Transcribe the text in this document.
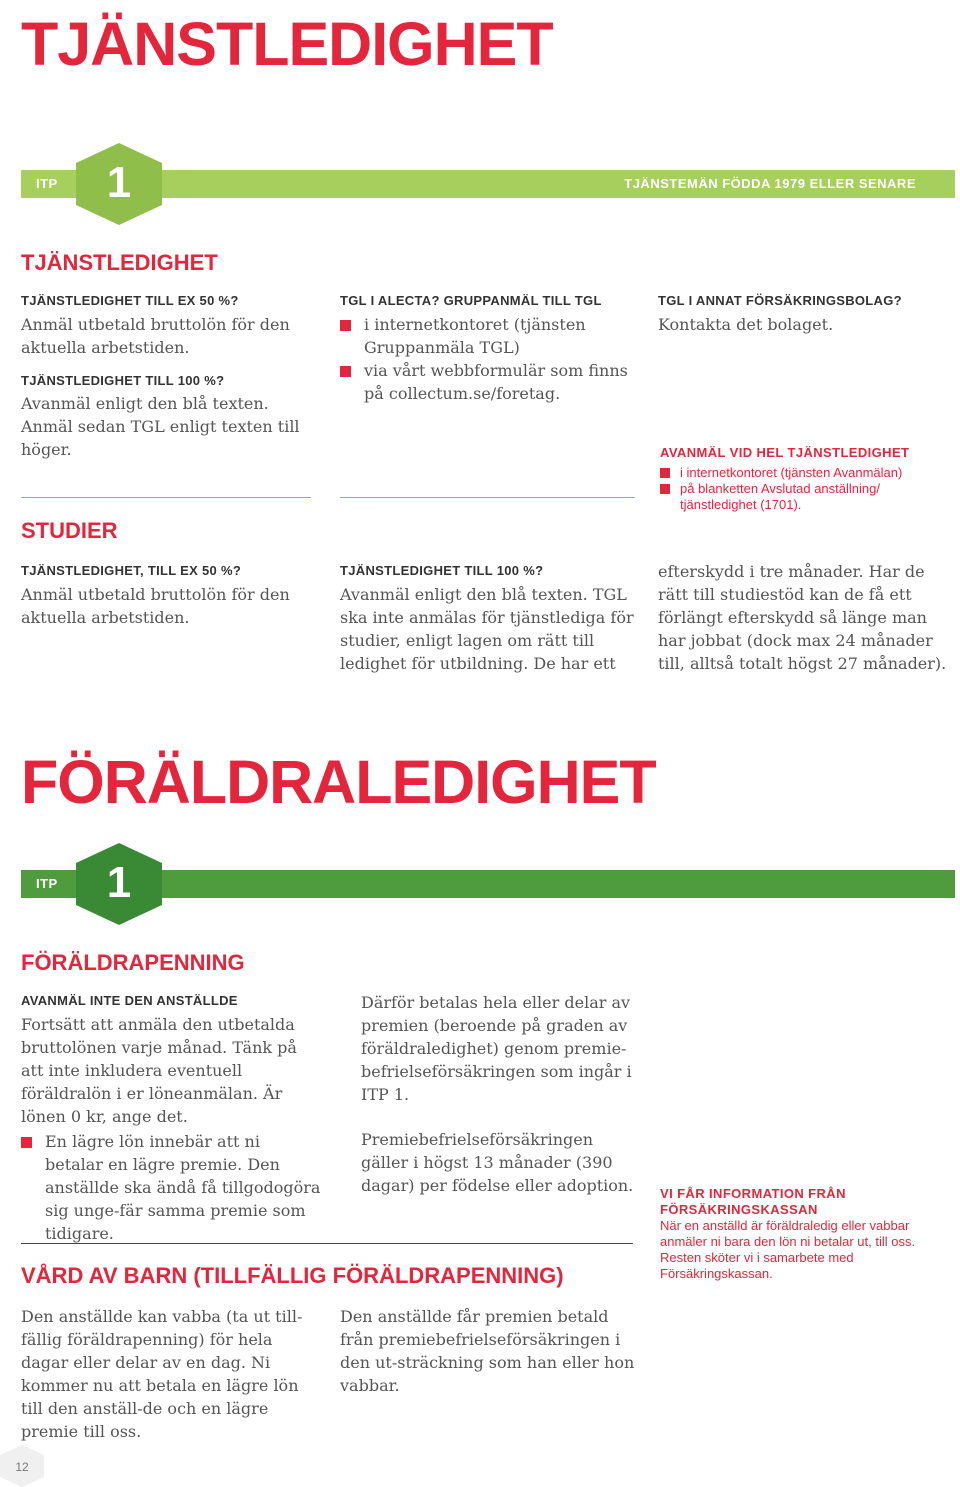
TJÄNSTLEDIGHET
ITP	TJÄNSTEMÄN FÖDDA 1979 ELLER SENARE
1
TJÄNSTLEDIGHET

TJÄNSTLEDIGHET TILL EX 50 %?

Anmäl utbetald bruttolön för den aktuella arbetstiden.

TJÄNSTLEDIGHET TILL 100 %?

Avanmäl enligt den blå texten. Anmäl sedan TGL enligt texten till höger.

TGL I ALECTA? GRUPPANMÄL TILL TGL

i internetkontoret (tjänsten Gruppanmäla TGL)
via vårt webbformulär som finns på collectum.se/foretag.

TGL I ANNAT FÖRSÄKRINGSBOLAG?

Kontakta det bolaget.

AVANMÄL VID HEL TJÄNSTLEDIGHET

i internetkontoret (tjänsten Avanmälan)
på blanketten Avslutad anställning/ tjänstledighet (1701).
STUDIER

TJÄNSTLEDIGHET, TILL EX 50 %?

Anmäl utbetald bruttolön för den aktuella arbetstiden.

TJÄNSTLEDIGHET TILL 100 %?

Avanmäl enligt den blå texten. TGL ska inte anmälas för tjänstlediga för studier, enligt lagen om rätt till ledighet för utbildning. De har ett

efterskydd i tre månader. Har de rätt till studiestöd kan de få ett förlängt efterskydd så länge man har jobbat (dock max 24 månader till, alltså totalt högst 27 månader).

FÖRÄLDRALEDIGHET
ITP	1
FÖRÄLDRAPENNING

AVANMÄL INTE DEN ANSTÄLLDE

Fortsätt att anmäla den utbetalda bruttolönen varje månad. Tänk på att inte inkludera eventuell föräldralön i er löneanmälan. Är lönen 0 kr, ange det.

En lägre lön innebär att ni betalar en lägre premie. Den anställde ska ändå få tillgodogöra sig unge-fär samma premie som tidigare.

Därför betalas hela eller delar av premien (beroende på graden av föräldraledighet) genom premie-befrielseförsäkringen som ingår i ITP 1.

Premiebefrielseförsäkringen gäller i högst 13 månader (390 dagar) per födelse eller adoption.	VI FÅR INFORMATION FRÅN FÖRSÄKRINGSKASSAN

När en anställd är föräldraledig eller vabbar anmäler ni bara den lön ni betalar ut, till oss. Resten sköter vi i samarbete med Försäkringskassan.

VÅRD AV BARN (TILLFÄLLIG FÖRÄLDRAPENNING)

Den anställde kan vabba (ta ut till-fällig föräldrapenning) för hela dagar eller delar av en dag. Ni kommer nu att betala en lägre lön till den anställ-de och en lägre premie till oss.

Den anställde får premien betald från premiebefrielseförsäkringen i den ut-sträckning som han eller hon vabbar.

12
